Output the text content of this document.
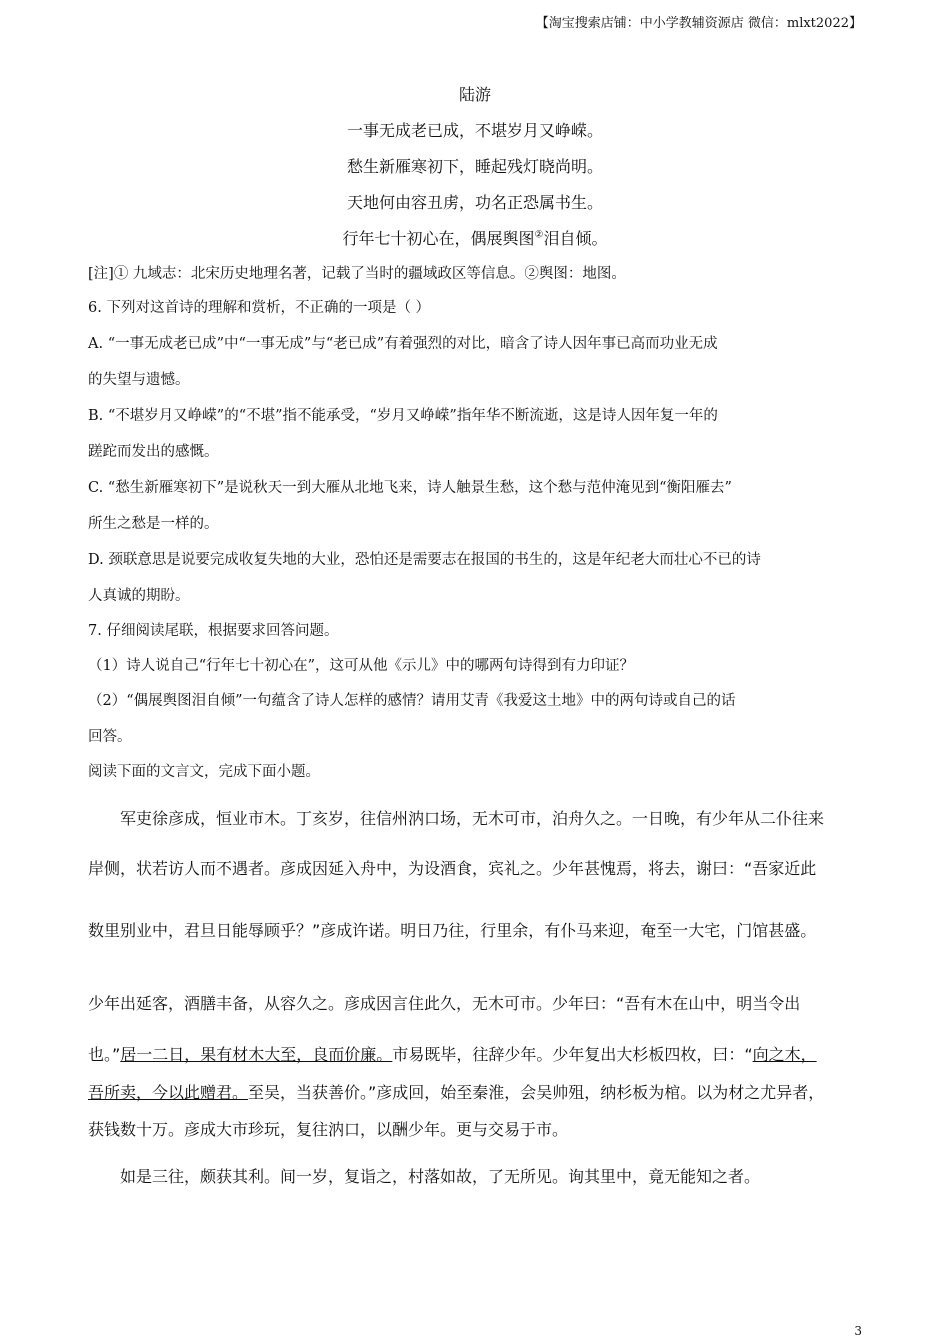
【淘宝搜索店铺：中小学教辅资源店 微信：mlxt2022】
陆游
一事无成老已成，不堪岁月又峥嵘。
愁生新雁寒初下，睡起残灯晓尚明。
天地何由容丑虏，功名正恐属书生。
行年七十初心在，偶展舆图②泪自倾。
[注]① 九域志：北宋历史地理名著，记载了当时的疆域政区等信息。②舆图：地图。
6. 下列对这首诗的理解和赏析，不正确的一项是（ ）
A. “一事无成老已成”中“一事无成”与“老已成”有着强烈的对比，暗含了诗人因年事已高而功业无成
的失望与遗憾。
B. “不堪岁月又峥嵘”的“不堪”指不能承受，“岁月又峥嵘”指年华不断流逝，这是诗人因年复一年的
蹉跎而发出的感慨。
C. “愁生新雁寒初下”是说秋天一到大雁从北地飞来，诗人触景生愁，这个愁与范仲淹见到“衡阳雁去”
所生之愁是一样的。
D. 颈联意思是说要完成收复失地的大业，恐怕还是需要志在报国的书生的，这是年纪老大而壮心不已的诗
人真诚的期盼。
7. 仔细阅读尾联，根据要求回答问题。
（1）诗人说自己“行年七十初心在”，这可从他《示儿》中的哪两句诗得到有力印证？
（2）“偶展舆图泪自倾”一句蕴含了诗人怎样的感情？请用艾青《我爱这土地》中的两句诗或自己的话
回答。
阅读下面的文言文，完成下面小题。
军吏徐彦成，恒业市木。丁亥岁，往信州汭口场，无木可市，泊舟久之。一日晚，有少年从二仆往来
岸侧，状若访人而不遇者。彦成因延入舟中，为设酒食，宾礼之。少年甚愧焉，将去，谢曰：“吾家近此
数里别业中，君旦日能辱顾乎？”彦成许诺。明日乃往，行里余，有仆马来迎，奄至一大宅，门馆甚盛。
少年出延客，酒膳丰备，从容久之。彦成因言住此久，无木可市。少年曰：“吾有木在山中，明当令出
也。”居一二日，果有材木大至，良而价廉。市易既毕，往辞少年。少年复出大杉板四枚，曰：“向之木，
吾所卖，今以此赠君。至吴，当获善价。”彦成回，始至秦淮，会吴帅殂，纳杉板为棺。以为材之尤异者，
获钱数十万。彦成大市珍玩，复往汭口，以酬少年。更与交易于市。
如是三往，颇获其利。间一岁，复诣之，村落如故，了无所见。询其里中，竟无能知之者。
3
